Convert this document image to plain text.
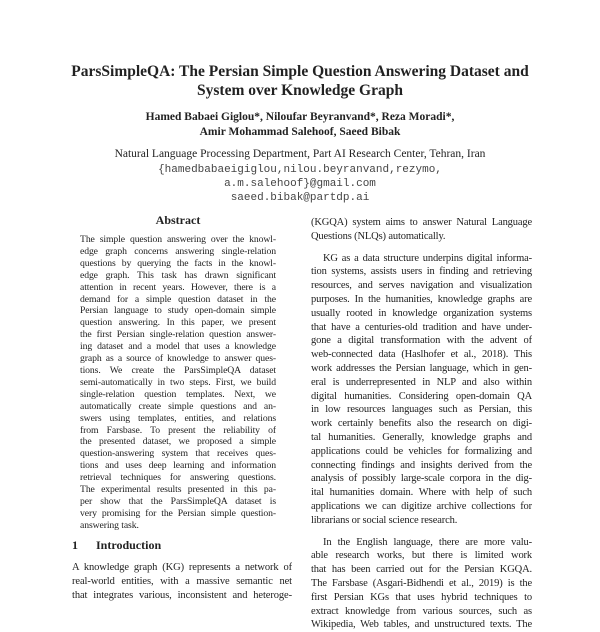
ParsSimpleQA: The Persian Simple Question Answering Dataset and
System over Knowledge Graph
Hamed Babaei Giglou*, Niloufar Beyranvand*, Reza Moradi*,
Amir Mohammad Salehoof, Saeed Bibak
Natural Language Processing Department, Part AI Research Center, Tehran, Iran
{hamedbabaeigiglou,nilou.beyranvand,rezymo,
a.m.salehoof}@gmail.com
saeed.bibak@partdp.ai
Abstract
The simple question answering over the knowl-
edge graph concerns answering single-relation
questions by querying the facts in the knowl-
edge graph. This task has drawn significant
attention in recent years. However, there is a
demand for a simple question dataset in the
Persian language to study open-domain simple
question answering. In this paper, we present
the first Persian single-relation question answer-
ing dataset and a model that uses a knowledge
graph as a source of knowledge to answer ques-
tions. We create the ParsSimpleQA dataset
semi-automatically in two steps. First, we build
single-relation question templates. Next, we
automatically create simple questions and an-
swers using templates, entities, and relations
from Farsbase. To present the reliability of
the presented dataset, we proposed a simple
question-answering system that receives ques-
tions and uses deep learning and information
retrieval techniques for answering questions.
The experimental results presented in this pa-
per show that the ParsSimpleQA dataset is
very promising for the Persian simple question-
answering task.
1 Introduction
A knowledge graph (KG) represents a network of
real-world entities, with a massive semantic net
that integrates various, inconsistent and heteroge-
(KGQA) system aims to answer Natural Language
Questions (NLQs) automatically.
KG as a data structure underpins digital informa-
tion systems, assists users in finding and retrieving
resources, and serves navigation and visualization
purposes. In the humanities, knowledge graphs are
usually rooted in knowledge organization systems
that have a centuries-old tradition and have under-
gone a digital transformation with the advent of
web-connected data (Haslhofer et al., 2018). This
work addresses the Persian language, which in gen-
eral is underrepresented in NLP and also within
digital humanities. Considering open-domain QA
in low resources languages such as Persian, this
work certainly benefits also the research on digi-
tal humanities. Generally, knowledge graphs and
applications could be vehicles for formalizing and
connecting findings and insights derived from the
analysis of possibly large-scale corpora in the dig-
ital humanities domain. Where with help of such
applications we can digitize archive collections for
librarians or social science research.
In the English language, there are more valu-
able research works, but there is limited work
that has been carried out for the Persian KGQA.
The Farsbase (Asgari-Bidhendi et al., 2019) is the
first Persian KGs that uses hybrid techniques to
extract knowledge from various sources, such as
Wikipedia, Web tables, and unstructured texts. The
